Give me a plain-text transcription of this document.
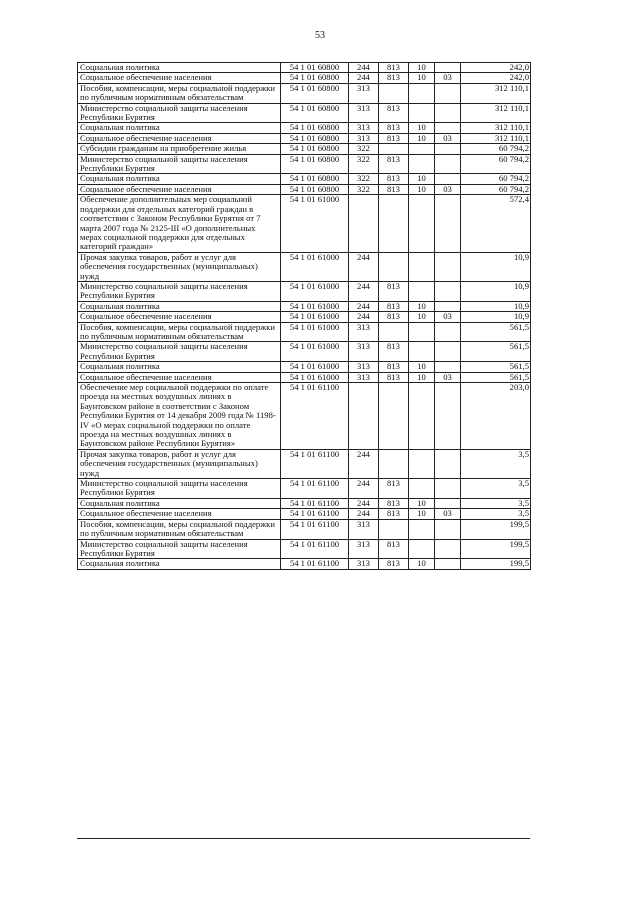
53
Социальная политика	54 1 01 60800	244	813	10		242,0
Социальное обеспечение населения	54 1 01 60800	244	813	10	03	242,0
Пособия, компенсации, меры социальной поддержки по публичным нормативным обязательствам	54 1 01 60800	313				312 110,1
Министерство социальной защиты населения Республики Бурятия	54 1 01 60800	313	813			312 110,1
Социальная политика	54 1 01 60800	313	813	10		312 110,1
Социальное обеспечение населения	54 1 01 60800	313	813	10	03	312 110,1
Субсидии гражданам на приобретение жилья	54 1 01 60800	322				60 794,2
Министерство социальной защиты населения Республики Бурятия	54 1 01 60800	322	813			60 794,2
Социальная политика	54 1 01 60800	322	813	10		60 794,2
Социальное обеспечение населения	54 1 01 60800	322	813	10	03	60 794,2
Обеспечение дополнительных мер социальной поддержки для отдельных категорий граждан в соответствии с Законом Республики Бурятия от 7 марта 2007 года № 2125-III «О дополнительных мерах социальной поддержки для отдельных категорий граждан»	54 1 01 61000					572,4
Прочая закупка товаров, работ и услуг для обеспечения государственных (муниципальных) нужд	54 1 01 61000	244				10,9
Министерство социальной защиты населения Республики Бурятия	54 1 01 61000	244	813			10,9
Социальная политика	54 1 01 61000	244	813	10		10,9
Социальное обеспечение населения	54 1 01 61000	244	813	10	03	10,9
Пособия, компенсации, меры социальной поддержки по публичным нормативным обязательствам	54 1 01 61000	313				561,5
Министерство социальной защиты населения Республики Бурятия	54 1 01 61000	313	813			561,5
Социальная политика	54 1 01 61000	313	813	10		561,5
Социальное обеспечение населения	54 1 01 61000	313	813	10	03	561,5
Обеспечение мер социальной поддержки по оплате проезда на местных воздушных линиях в Баунтовском районе в соответствии с Законом Республики Бурятия от 14 декабря 2009 года № 1198-IV «О мерах социальной поддержки по оплате проезда на местных воздушных линиях в Баунтовском районе Республики Бурятия»	54 1 01 61100					203,0
Прочая закупка товаров, работ и услуг для обеспечения государственных (муниципальных) нужд	54 1 01 61100	244				3,5
Министерство социальной защиты населения Республики Бурятия	54 1 01 61100	244	813			3,5
Социальная политика	54 1 01 61100	244	813	10		3,5
Социальное обеспечение населения	54 1 01 61100	244	813	10	03	3,5
Пособия, компенсации, меры социальной поддержки по публичным нормативным обязательствам	54 1 01 61100	313				199,5
Министерство социальной защиты населения Республики Бурятия	54 1 01 61100	313	813			199,5
Социальная политика	54 1 01 61100	313	813	10		199,5
